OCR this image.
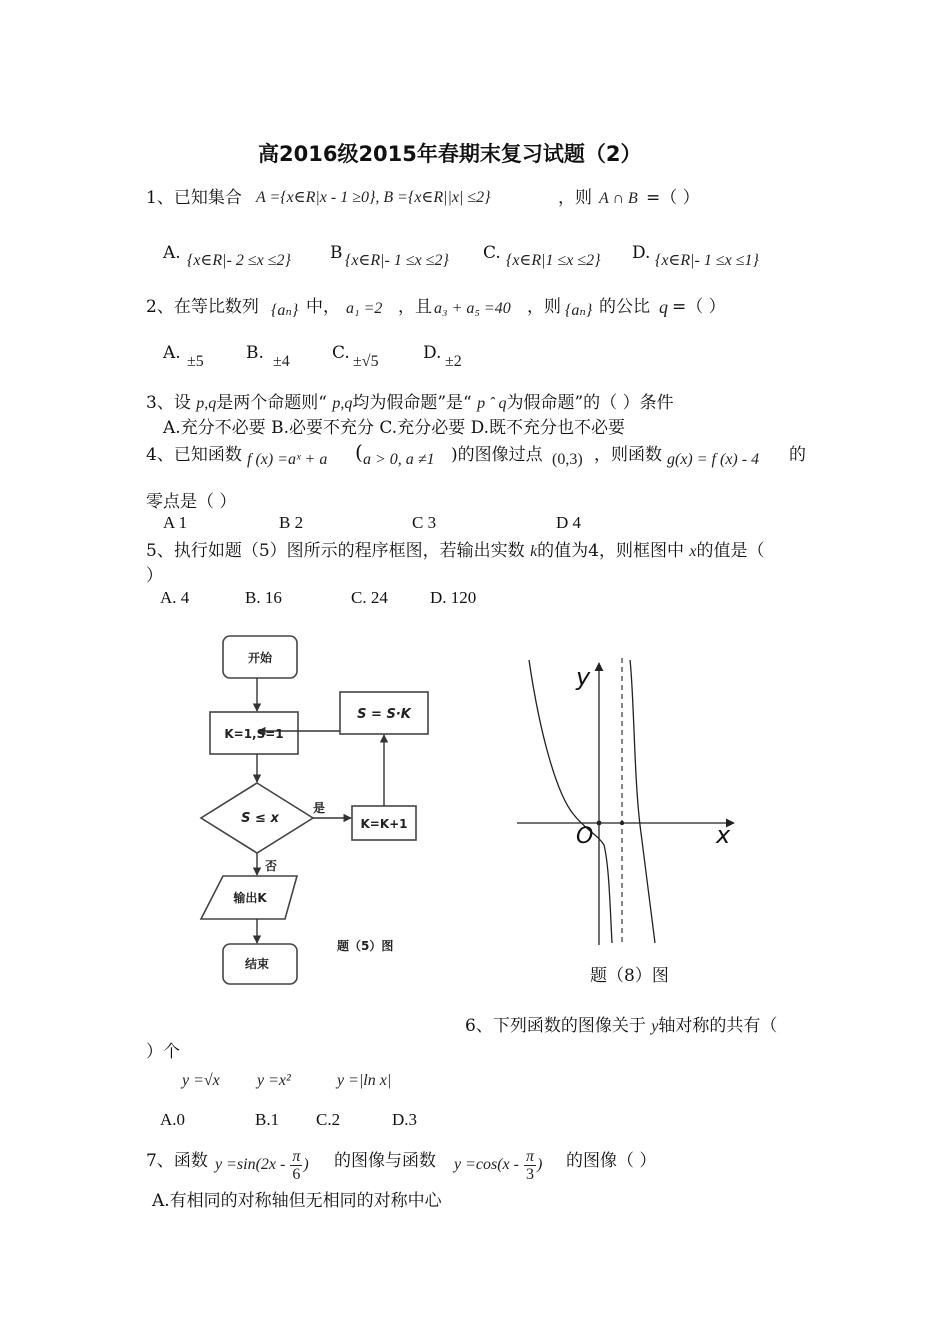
高2016级2015年春期末复习试题（2）
1、已知集合 A ={x∈R|x - 1 ≥0}, B ={x∈R||x| ≤2}	，则 A ∩ B =（ ）
A. {x∈R|- 2 ≤x ≤2} B {x∈R|- 1 ≤x ≤2} C. {x∈R|1 ≤x ≤2} D. {x∈R|- 1 ≤x ≤1}
2、在等比数列 {aₙ} 中， a₁ =2 ，且 a₃ + a₅ =40 ，则 {aₙ} 的公比 q =（ ）
A. ±5 B. ±4 C. ±√5	D. ±2
3、设 p,q是两个命题则“ p,q均为假命题”是“ p ˆ q为假命题”的（ ）条件
A.充分不必要 B.必要不充分 C.充分必要 D.既不充分也不必要
4、已知函数 f (x) =aˣ + a ( a > 0, a ≠1 )的图像过点 (0,3) ，则函数 g(x) = f (x) - 4 的
零点是（ ）
A 1	B 2	C 3	D 4
5、执行如题（5）图所示的程序框图，若输出实数 k的值为4，则框图中 x的值是（
）
A. 4	B. 16	C. 24 D. 120
开始
K=1,S=1
S = S·K
S ≤ x
是
K=K+1
否
输出K
结束
题（5）图
y
x
O
题（8）图
6、下列函数的图像关于 y轴对称的共有（
）个
y =√x y =x²	y =|ln x|
A.0	B.1 C.2	D.3
7、函数 $y =\sin(2x - \frac{\pi}{6}$ ) 的图像与函数 $y =\cos(x - \frac{\pi}{3}$ ) 的图像（ ）
A.有相同的对称轴但无相同的对称中心
